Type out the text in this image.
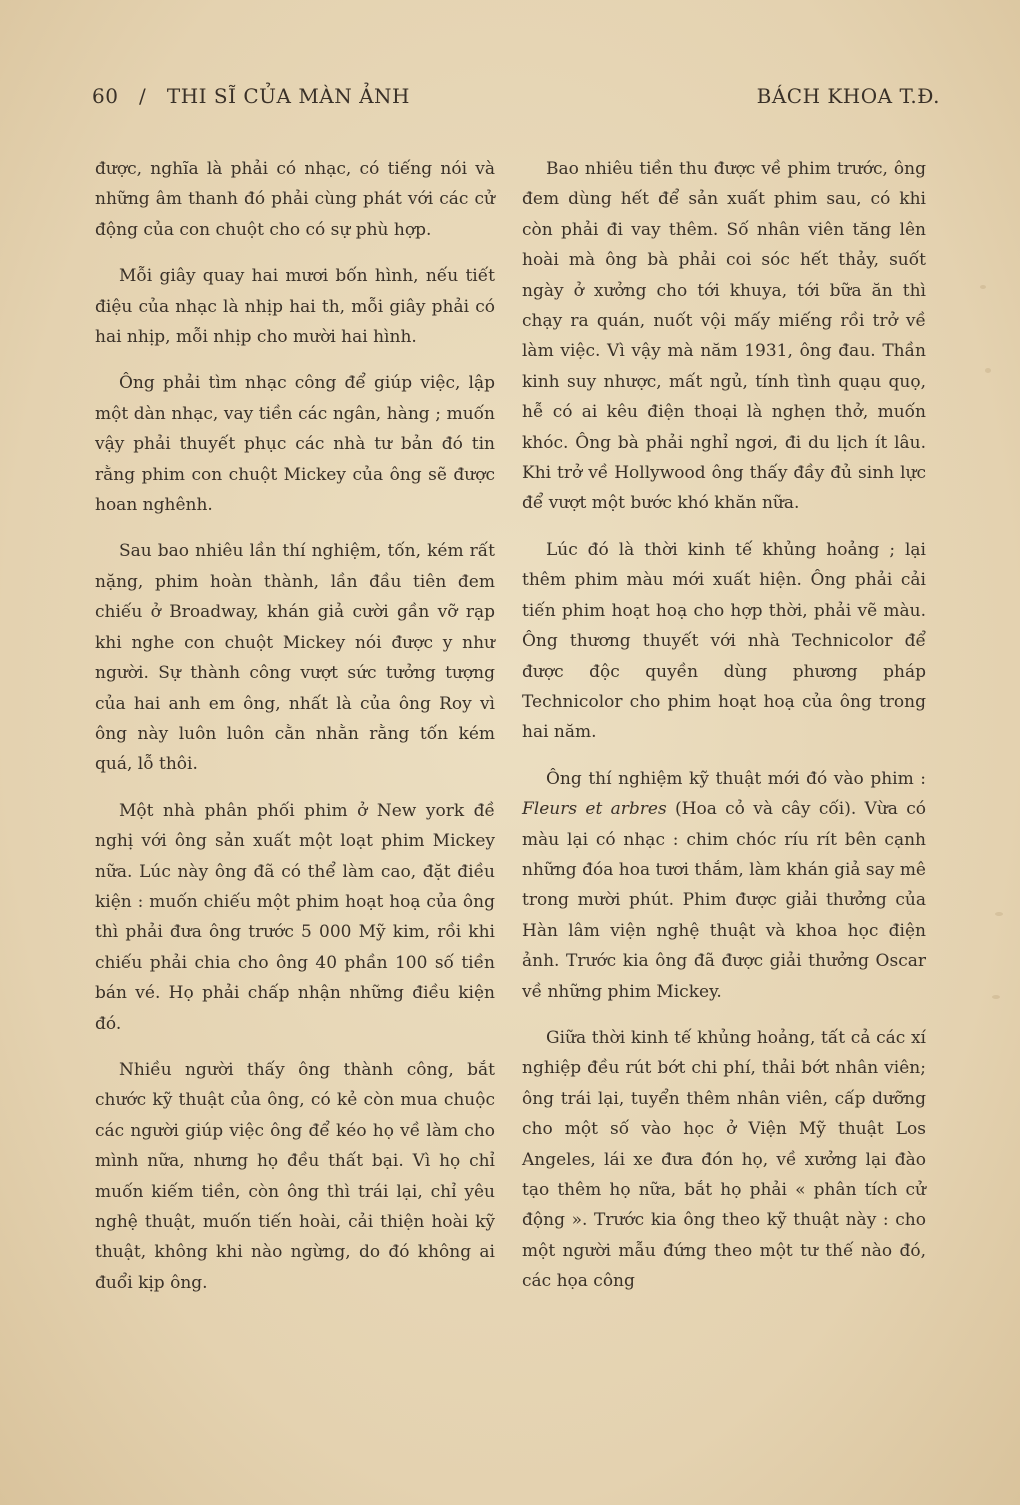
60 / THI SĨ CỦA MÀN ẢNH	BÁCH KHOA T.Đ.

được, nghĩa là phải có nhạc, có tiếng nói và những âm thanh đó phải cùng phát với các cử động của con chuột cho có sự phù hợp.

Mỗi giây quay hai mươi bốn hình, nếu tiết điệu của nhạc là nhịp hai th, mỗi giây phải có hai nhịp, mỗi nhịp cho mười hai hình.

Ông phải tìm nhạc công để giúp việc, lập một dàn nhạc, vay tiền các ngân, hàng ; muốn vậy phải thuyết phục các nhà tư bản đó tin rằng phim con chuột Mickey của ông sẽ được hoan nghênh.

Sau bao nhiêu lần thí nghiệm, tốn, kém rất nặng, phim hoàn thành, lần đầu tiên đem chiếu ở Broadway, khán giả cười gần vỡ rạp khi nghe con chuột Mickey nói được y như người. Sự thành công vượt sức tưởng tượng của hai anh em ông, nhất là của ông Roy vì ông này luôn luôn cằn nhằn rằng tốn kém quá, lỗ thôi.

Một nhà phân phối phim ở New york đề nghị với ông sản xuất một loạt phim Mickey nữa. Lúc này ông đã có thể làm cao, đặt điều kiện : muốn chiếu một phim hoạt hoạ của ông thì phải đưa ông trước 5 000 Mỹ kim, rồi khi chiếu phải chia cho ông 40 phần 100 số tiền bán vé. Họ phải chấp nhận những điều kiện đó.

Nhiều người thấy ông thành công, bắt chước kỹ thuật của ông, có kẻ còn mua chuộc các người giúp việc ông để kéo họ về làm cho mình nữa, nhưng họ đều thất bại. Vì họ chỉ muốn kiếm tiền, còn ông thì trái lại, chỉ yêu nghệ thuật, muốn tiến hoài, cải thiện hoài kỹ thuật, không khi nào ngừng, do đó không ai đuổi kịp ông.

Bao nhiêu tiền thu được về phim trước, ông đem dùng hết để sản xuất phim sau, có khi còn phải đi vay thêm. Số nhân viên tăng lên hoài mà ông bà phải coi sóc hết thảy, suốt ngày ở xưởng cho tới khuya, tới bữa ăn thì chạy ra quán, nuốt vội mấy miếng rồi trở về làm việc. Vì vậy mà năm 1931, ông đau. Thần kinh suy nhược, mất ngủ, tính tình quạu quọ, hễ có ai kêu điện thoại là nghẹn thở, muốn khóc. Ông bà phải nghỉ ngơi, đi du lịch ít lâu. Khi trở về Hollywood ông thấy đầy đủ sinh lực để vượt một bước khó khăn nữa.

Lúc đó là thời kinh tế khủng hoảng ; lại thêm phim màu mới xuất hiện. Ông phải cải tiến phim hoạt hoạ cho hợp thời, phải vẽ màu. Ông thương thuyết với nhà Technicolor để được độc quyền dùng phương pháp Technicolor cho phim hoạt hoạ của ông trong hai năm.

Ông thí nghiệm kỹ thuật mới đó vào phim : Fleurs et arbres (Hoa cỏ và cây cối). Vừa có màu lại có nhạc : chim chóc ríu rít bên cạnh những đóa hoa tươi thắm, làm khán giả say mê trong mười phút. Phim được giải thưởng của Hàn lâm viện nghệ thuật và khoa học điện ảnh. Trước kia ông đã được giải thưởng Oscar về những phim Mickey.

Giữa thời kinh tế khủng hoảng, tất cả các xí nghiệp đều rút bớt chi phí, thải bớt nhân viên; ông trái lại, tuyển thêm nhân viên, cấp dưỡng cho một số vào học ở Viện Mỹ thuật Los Angeles, lái xe đưa đón họ, về xưởng lại đào tạo thêm họ nữa, bắt họ phải « phân tích cử động ». Trước kia ông theo kỹ thuật này : cho một người mẫu đứng theo một tư thế nào đó, các họa công
